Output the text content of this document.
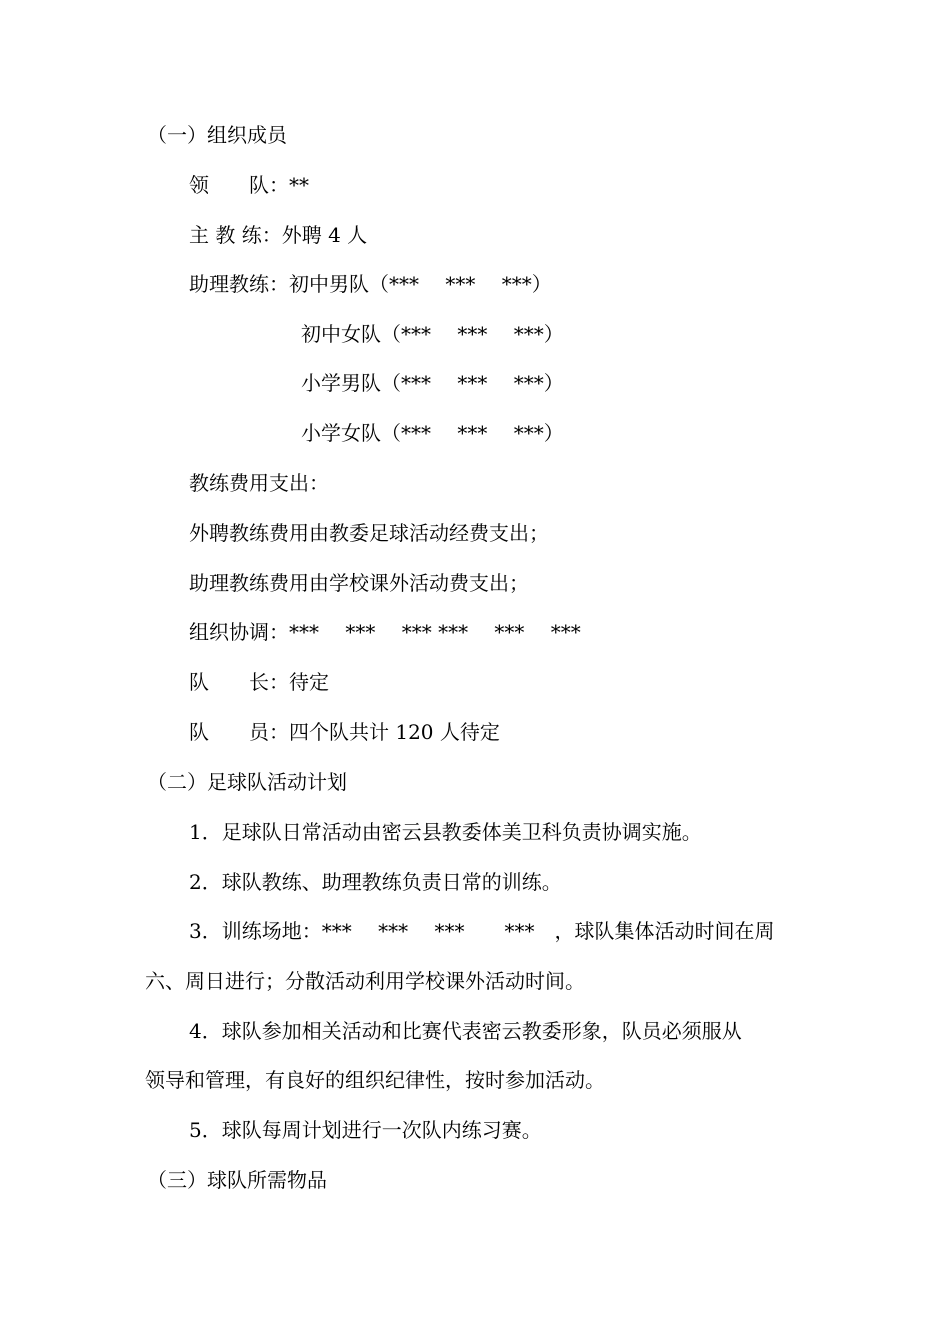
（一）组织成员
领　　队：**
主 教 练：外聘 4 人
助理教练：初中男队（***　 ***　 ***）
初中女队（***　 ***　 ***）
小学男队（***　 ***　 ***）
小学女队（***　 ***　 ***）
教练费用支出：
外聘教练费用由教委足球活动经费支出；
助理教练费用由学校课外活动费支出；
组织协调：***　 ***　 *** ***　 ***　 ***
队　　长：待定
队　　员：四个队共计 120 人待定
（二）足球队活动计划
1．足球队日常活动由密云县教委体美卫科负责协调实施。
2．球队教练、助理教练负责日常的训练。
3．训练场地：***　 ***　 ***　　***　，球队集体活动时间在周
六、周日进行；分散活动利用学校课外活动时间。
4．球队参加相关活动和比赛代表密云教委形象，队员必须服从
领导和管理，有良好的组织纪律性，按时参加活动。
5．球队每周计划进行一次队内练习赛。
（三）球队所需物品
